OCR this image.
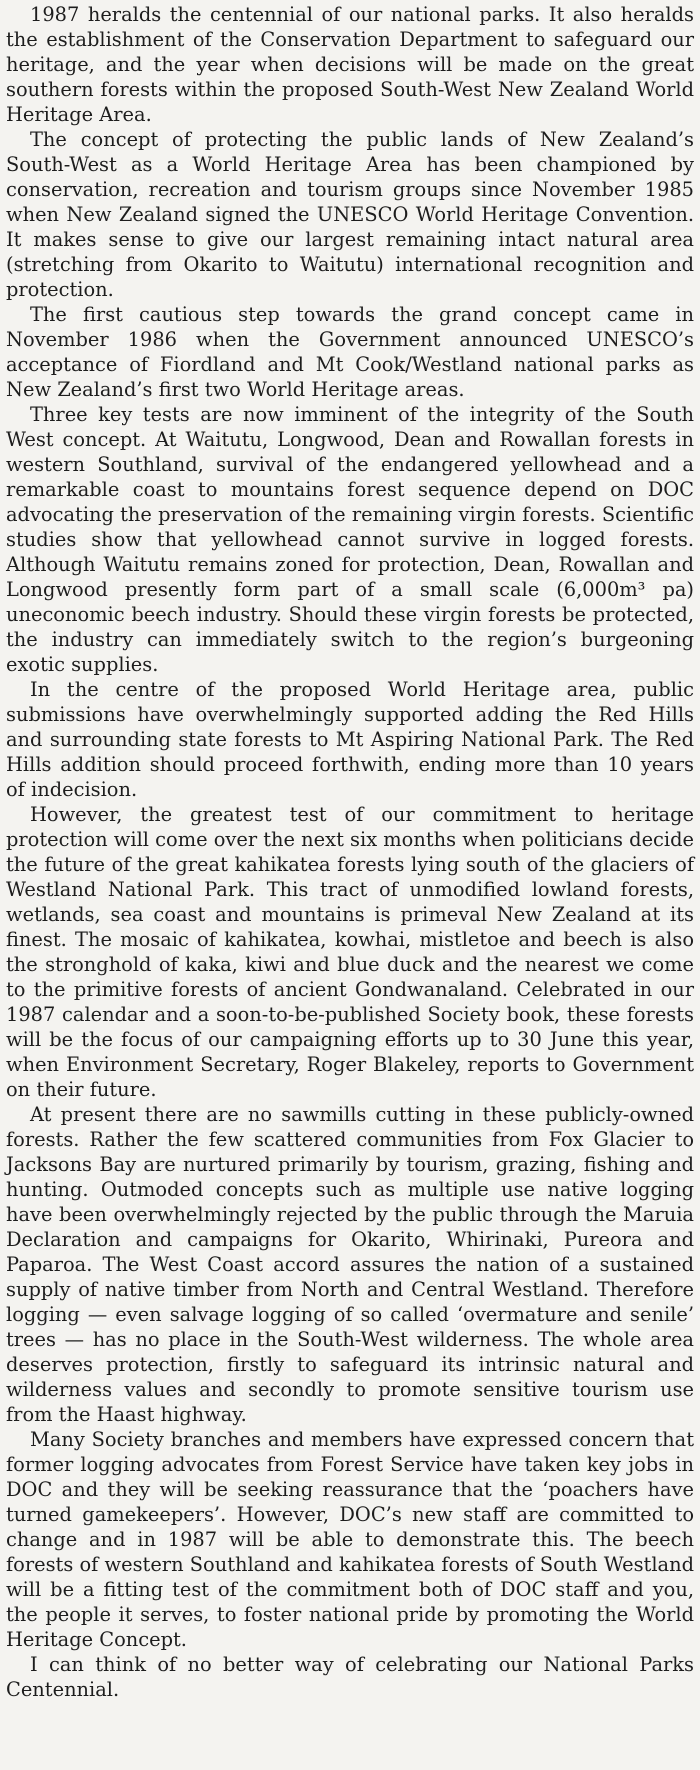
1987 heralds the centennial of our national parks. It also heralds the establishment of the Conservation Department to safeguard our heritage, and the year when decisions will be made on the great southern forests within the proposed South-West New Zealand World Heritage Area.

The concept of protecting the public lands of New Zealand’s South-West as a World Heritage Area has been championed by conservation, recreation and tourism groups since November 1985 when New Zealand signed the UNESCO World Heritage Convention. It makes sense to give our largest remaining intact natural area (stretching from Okarito to Waitutu) international recognition and protection.

The first cautious step towards the grand concept came in November 1986 when the Government announced UNESCO’s acceptance of Fiordland and Mt Cook/Westland national parks as New Zealand’s first two World Heritage areas.

Three key tests are now imminent of the integrity of the South West concept. At Waitutu, Longwood, Dean and Rowallan forests in western Southland, survival of the endangered yellowhead and a remarkable coast to mountains forest sequence depend on DOC advocating the preservation of the remaining virgin forests. Scientific studies show that yellowhead cannot survive in logged forests. Although Waitutu remains zoned for protection, Dean, Rowallan and Longwood presently form part of a small scale (6,000m³ pa) uneconomic beech industry. Should these virgin forests be protected, the industry can immediately switch to the region’s burgeoning exotic supplies.

In the centre of the proposed World Heritage area, public submissions have overwhelmingly supported adding the Red Hills and surrounding state forests to Mt Aspiring National Park. The Red Hills addition should proceed forthwith, ending more than 10 years of indecision.

However, the greatest test of our commitment to heritage protection will come over the next six months when politicians decide the future of the great kahikatea forests lying south of the glaciers of Westland National Park. This tract of unmodified lowland forests, wetlands, sea coast and mountains is primeval New Zealand at its finest. The mosaic of kahikatea, kowhai, mistletoe and beech is also the stronghold of kaka, kiwi and blue duck and the nearest we come to the primitive forests of ancient Gondwanaland. Celebrated in our 1987 calendar and a soon-to-be-published Society book, these forests will be the focus of our campaigning efforts up to 30 June this year, when Environment Secretary, Roger Blakeley, reports to Government on their future.

At present there are no sawmills cutting in these publicly-owned forests. Rather the few scattered communities from Fox Glacier to Jacksons Bay are nurtured primarily by tourism, grazing, fishing and hunting. Outmoded concepts such as multiple use native logging have been overwhelmingly rejected by the public through the Maruia Declaration and campaigns for Okarito, Whirinaki, Pureora and Paparoa. The West Coast accord assures the nation of a sustained supply of native timber from North and Central Westland. Therefore logging — even salvage logging of so called ‘overmature and senile’ trees — has no place in the South-West wilderness. The whole area deserves protection, firstly to safeguard its intrinsic natural and wilderness values and secondly to promote sensitive tourism use from the Haast highway.

Many Society branches and members have expressed concern that former logging advocates from Forest Service have taken key jobs in DOC and they will be seeking reassurance that the ‘poachers have turned gamekeepers’. However, DOC’s new staff are committed to change and in 1987 will be able to demonstrate this. The beech forests of western Southland and kahikatea forests of South Westland will be a fitting test of the commitment both of DOC staff and you, the people it serves, to foster national pride by promoting the World Heritage Concept.

I can think of no better way of celebrating our National Parks Centennial.
